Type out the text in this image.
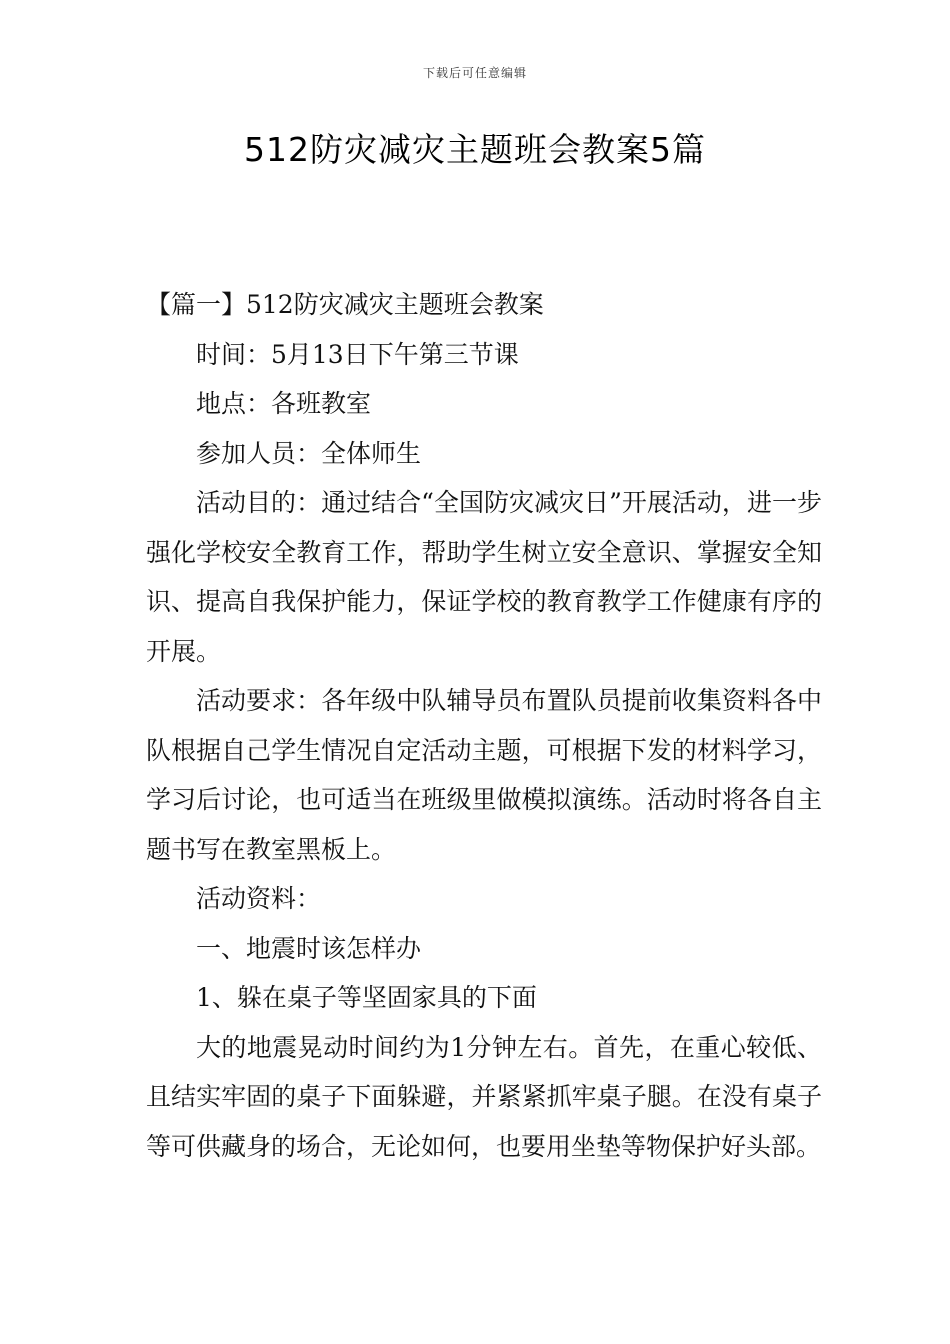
下载后可任意编辑
512防灾减灾主题班会教案5篇

【篇一】512防灾减灾主题班会教案

时间：5月13日下午第三节课

地点：各班教室

参加人员：全体师生

活动目的：通过结合“全国防灾减灾日”开展活动，进一步强化学校安全教育工作，帮助学生树立安全意识、掌握安全知识、提高自我保护能力，保证学校的教育教学工作健康有序的开展。

活动要求：各年级中队辅导员布置队员提前收集资料各中队根据自己学生情况自定活动主题，可根据下发的材料学习，学习后讨论，也可适当在班级里做模拟演练。活动时将各自主题书写在教室黑板上。

活动资料：

一、地震时该怎样办

1、躲在桌子等坚固家具的下面

大的地震晃动时间约为1分钟左右。首先，在重心较低、且结实牢固的桌子下面躲避，并紧紧抓牢桌子腿。在没有桌子等可供藏身的场合，无论如何，也要用坐垫等物保护好头部。
